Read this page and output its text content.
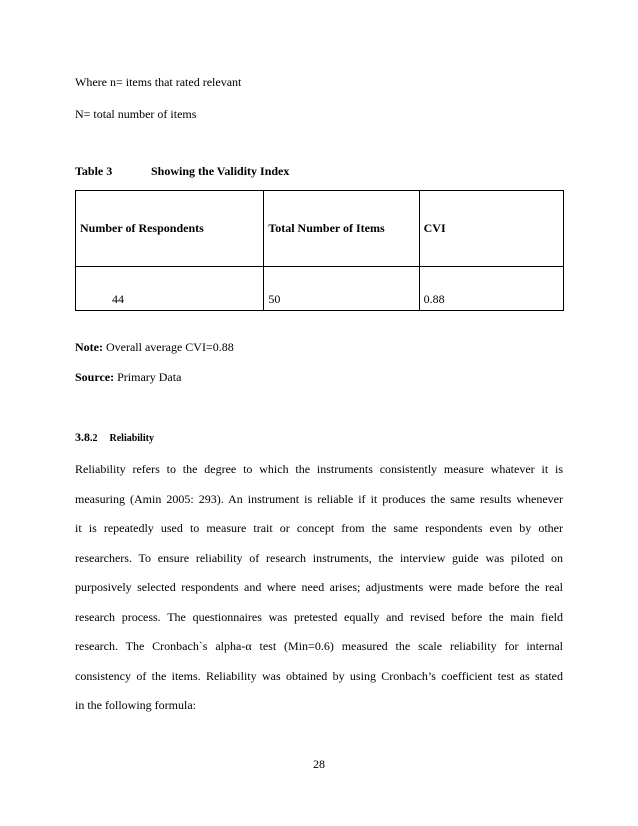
Where n= items that rated relevant
N= total number of items
Table 3	Showing the Validity Index
Number of Respondents	Total Number of Items	CVI
44	50	0.88
Note: Overall average CVI=0.88
Source: Primary Data
3.8.2 Reliability
Reliability refers to the degree to which the instruments consistently measure whatever it is
measuring (Amin 2005: 293). An instrument is reliable if it produces the same results whenever
it is repeatedly used to measure trait or concept from the same respondents even by other
researchers. To ensure reliability of research instruments, the interview guide was piloted on
purposively selected respondents and where need arises; adjustments were made before the real
research process. The questionnaires was pretested equally and revised before the main field
research. The Cronbach`s alpha-α test (Min=0.6) measured the scale reliability for internal
consistency of the items. Reliability was obtained by using Cronbach’s coefficient test as stated
in the following formula:
28
